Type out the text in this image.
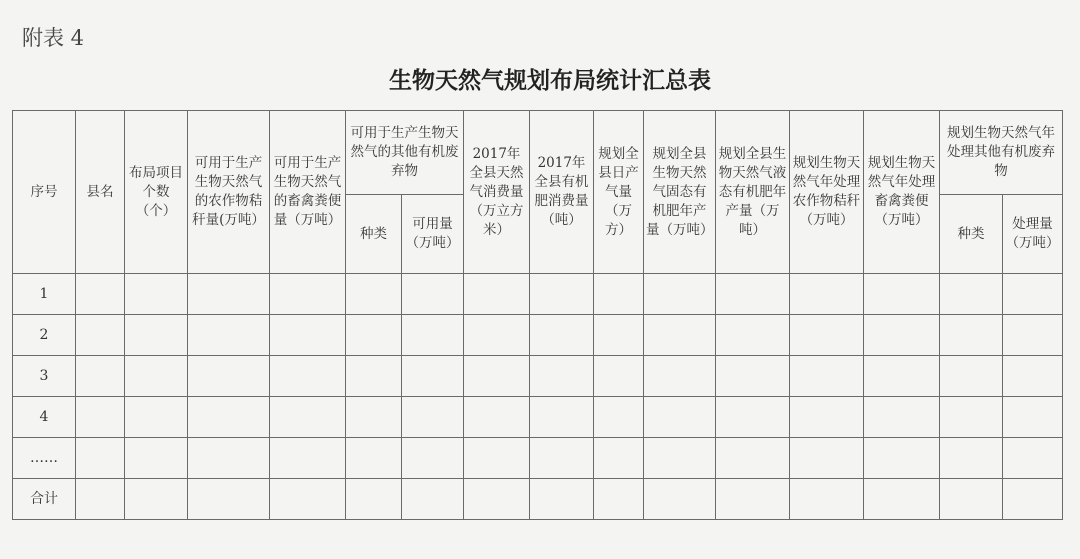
附表 4
生物天然气规划布局统计汇总表
序号	县名	布局项目个数（个）	可用于生产生物天然气的农作物秸秆量(万吨）	可用于生产生物天然气的畜禽粪便量（万吨）	可用于生产生物天然气的其他有机废弃物		2017年全县天然气消费量（万立方米）	2017年全县有机肥消费量（吨）	规划全县日产气量（万方）	规划全县生物天然气固态有机肥年产量（万吨）	规划全县生物天然气液态有机肥年产量（万吨）	规划生物天然气年处理农作物秸秆（万吨）	规划生物天然气年处理畜禽粪便（万吨）	规划生物天然气年处理其他有机废弃物	
					种类	可用量（万吨）								种类	处理量（万吨）
1															
2															
3															
4															
……															
合计															
